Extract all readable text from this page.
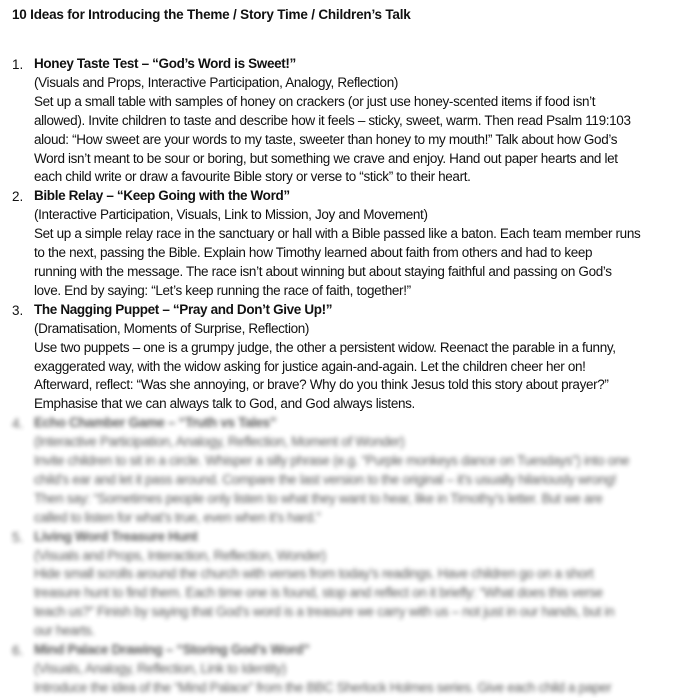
10 Ideas for Introducing the Theme / Story Time / Children’s Talk
1. Honey Taste Test – “God’s Word is Sweet!”
(Visuals and Props, Interactive Participation, Analogy, Reflection)
Set up a small table with samples of honey on crackers (or just use honey-scented items if food isn’t
allowed). Invite children to taste and describe how it feels – sticky, sweet, warm. Then read Psalm 119:103
aloud: “How sweet are your words to my taste, sweeter than honey to my mouth!” Talk about how God’s
Word isn’t meant to be sour or boring, but something we crave and enjoy. Hand out paper hearts and let
each child write or draw a favourite Bible story or verse to “stick” to their heart.
2. Bible Relay – “Keep Going with the Word”
(Interactive Participation, Visuals, Link to Mission, Joy and Movement)
Set up a simple relay race in the sanctuary or hall with a Bible passed like a baton. Each team member runs
to the next, passing the Bible. Explain how Timothy learned about faith from others and had to keep
running with the message. The race isn’t about winning but about staying faithful and passing on God’s
love. End by saying: “Let’s keep running the race of faith, together!”
3. The Nagging Puppet – “Pray and Don’t Give Up!”
(Dramatisation, Moments of Surprise, Reflection)
Use two puppets – one is a grumpy judge, the other a persistent widow. Reenact the parable in a funny,
exaggerated way, with the widow asking for justice again-and-again. Let the children cheer her on!
Afterward, reflect: “Was she annoying, or brave? Why do you think Jesus told this story about prayer?”
Emphasise that we can always talk to God, and God always listens.
4. Echo Chamber Game – “Truth vs Tales”
(Interactive Participation, Analogy, Reflection, Moment of Wonder)
Invite children to sit in a circle. Whisper a silly phrase (e.g. “Purple monkeys dance on Tuesdays”) into one
child’s ear and let it pass around. Compare the last version to the original – it’s usually hilariously wrong!
Then say: “Sometimes people only listen to what they want to hear, like in Timothy’s letter. But we are
called to listen for what’s true, even when it’s hard.”
5. Living Word Treasure Hunt
(Visuals and Props, Interaction, Reflection, Wonder)
Hide small scrolls around the church with verses from today’s readings. Have children go on a short
treasure hunt to find them. Each time one is found, stop and reflect on it briefly: “What does this verse
teach us?” Finish by saying that God’s word is a treasure we carry with us – not just in our hands, but in
our hearts.
6. Mind Palace Drawing – “Storing God’s Word”
(Visuals, Analogy, Reflection, Link to Identity)
Introduce the idea of the “Mind Palace” from the BBC Sherlock Holmes series. Give each child a paper
